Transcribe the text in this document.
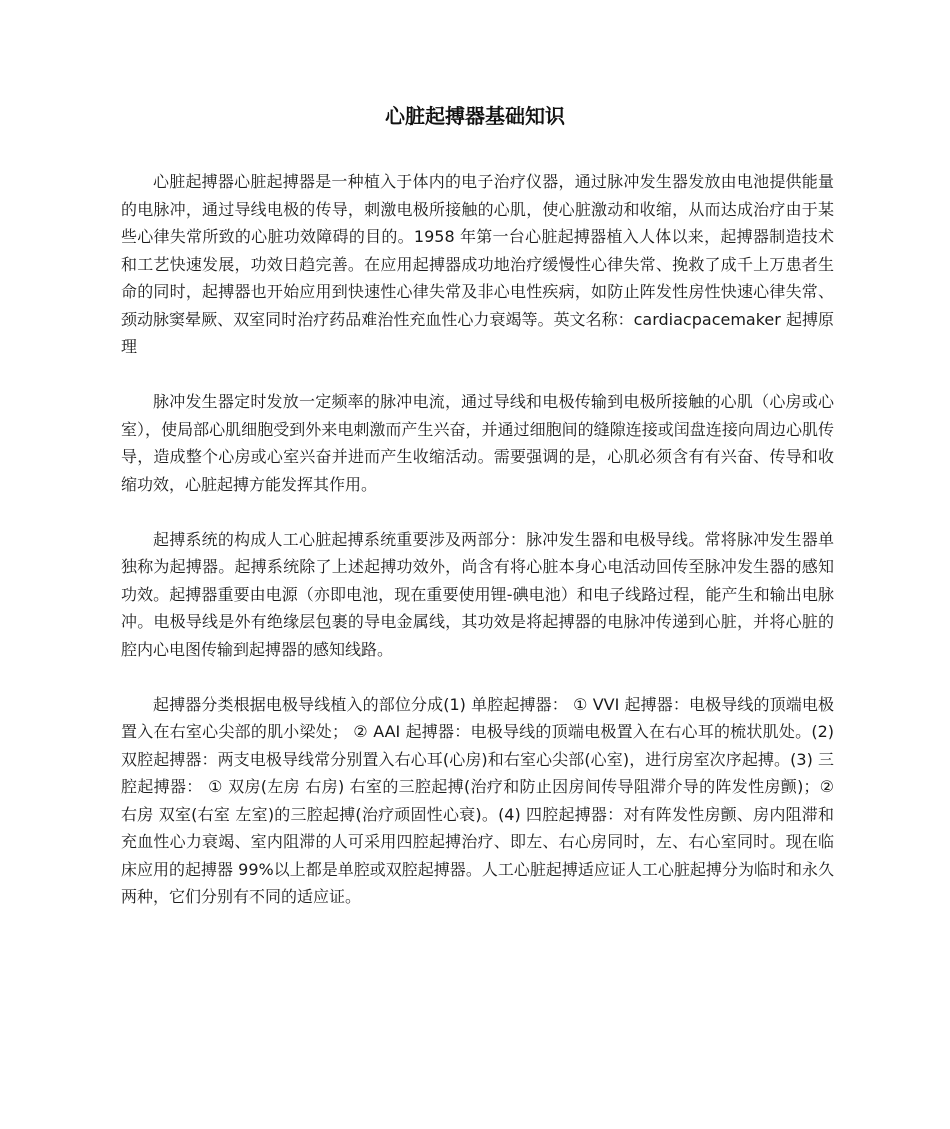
心脏起搏器基础知识

心脏起搏器心脏起搏器是一种植入于体内的电子治疗仪器，通过脉冲发生器发放由电池提供能量的电脉冲，通过导线电极的传导，刺激电极所接触的心肌，使心脏激动和收缩，从而达成治疗由于某些心律失常所致的心脏功效障碍的目的。1958 年第一台心脏起搏器植入人体以来，起搏器制造技术和工艺快速发展，功效日趋完善。在应用起搏器成功地治疗缓慢性心律失常、挽救了成千上万患者生命的同时，起搏器也开始应用到快速性心律失常及非心电性疾病，如防止阵发性房性快速心律失常、颈动脉窦晕厥、双室同时治疗药品难治性充血性心力衰竭等。英文名称：cardiacpacemaker 起搏原理

脉冲发生器定时发放一定频率的脉冲电流，通过导线和电极传输到电极所接触的心肌（心房或心室），使局部心肌细胞受到外来电刺激而产生兴奋，并通过细胞间的缝隙连接或闰盘连接向周边心肌传导，造成整个心房或心室兴奋并进而产生收缩活动。需要强调的是，心肌必须含有有兴奋、传导和收缩功效，心脏起搏方能发挥其作用。

起搏系统的构成人工心脏起搏系统重要涉及两部分：脉冲发生器和电极导线。常将脉冲发生器单独称为起搏器。起搏系统除了上述起搏功效外，尚含有将心脏本身心电活动回传至脉冲发生器的感知功效。起搏器重要由电源（亦即电池，现在重要使用锂-碘电池）和电子线路过程，能产生和输出电脉冲。电极导线是外有绝缘层包裹的导电金属线，其功效是将起搏器的电脉冲传递到心脏，并将心脏的腔内心电图传输到起搏器的感知线路。

起搏器分类根据电极导线植入的部位分成(1) 单腔起搏器： ① VVI 起搏器：电极导线的顶端电极置入在右室心尖部的肌小梁处； ② AAI 起搏器：电极导线的顶端电极置入在右心耳的梳状肌处。(2) 双腔起搏器：两支电极导线常分别置入右心耳(心房)和右室心尖部(心室)，进行房室次序起搏。(3) 三腔起搏器： ① 双房(左房 右房) 右室的三腔起搏(治疗和防止因房间传导阻滞介导的阵发性房颤)；②右房 双室(右室 左室)的三腔起搏(治疗顽固性心衰)。(4) 四腔起搏器：对有阵发性房颤、房内阻滞和充血性心力衰竭、室内阻滞的人可采用四腔起搏治疗、即左、右心房同时，左、右心室同时。现在临床应用的起搏器 99%以上都是单腔或双腔起搏器。人工心脏起搏适应证人工心脏起搏分为临时和永久两种，它们分别有不同的适应证。
